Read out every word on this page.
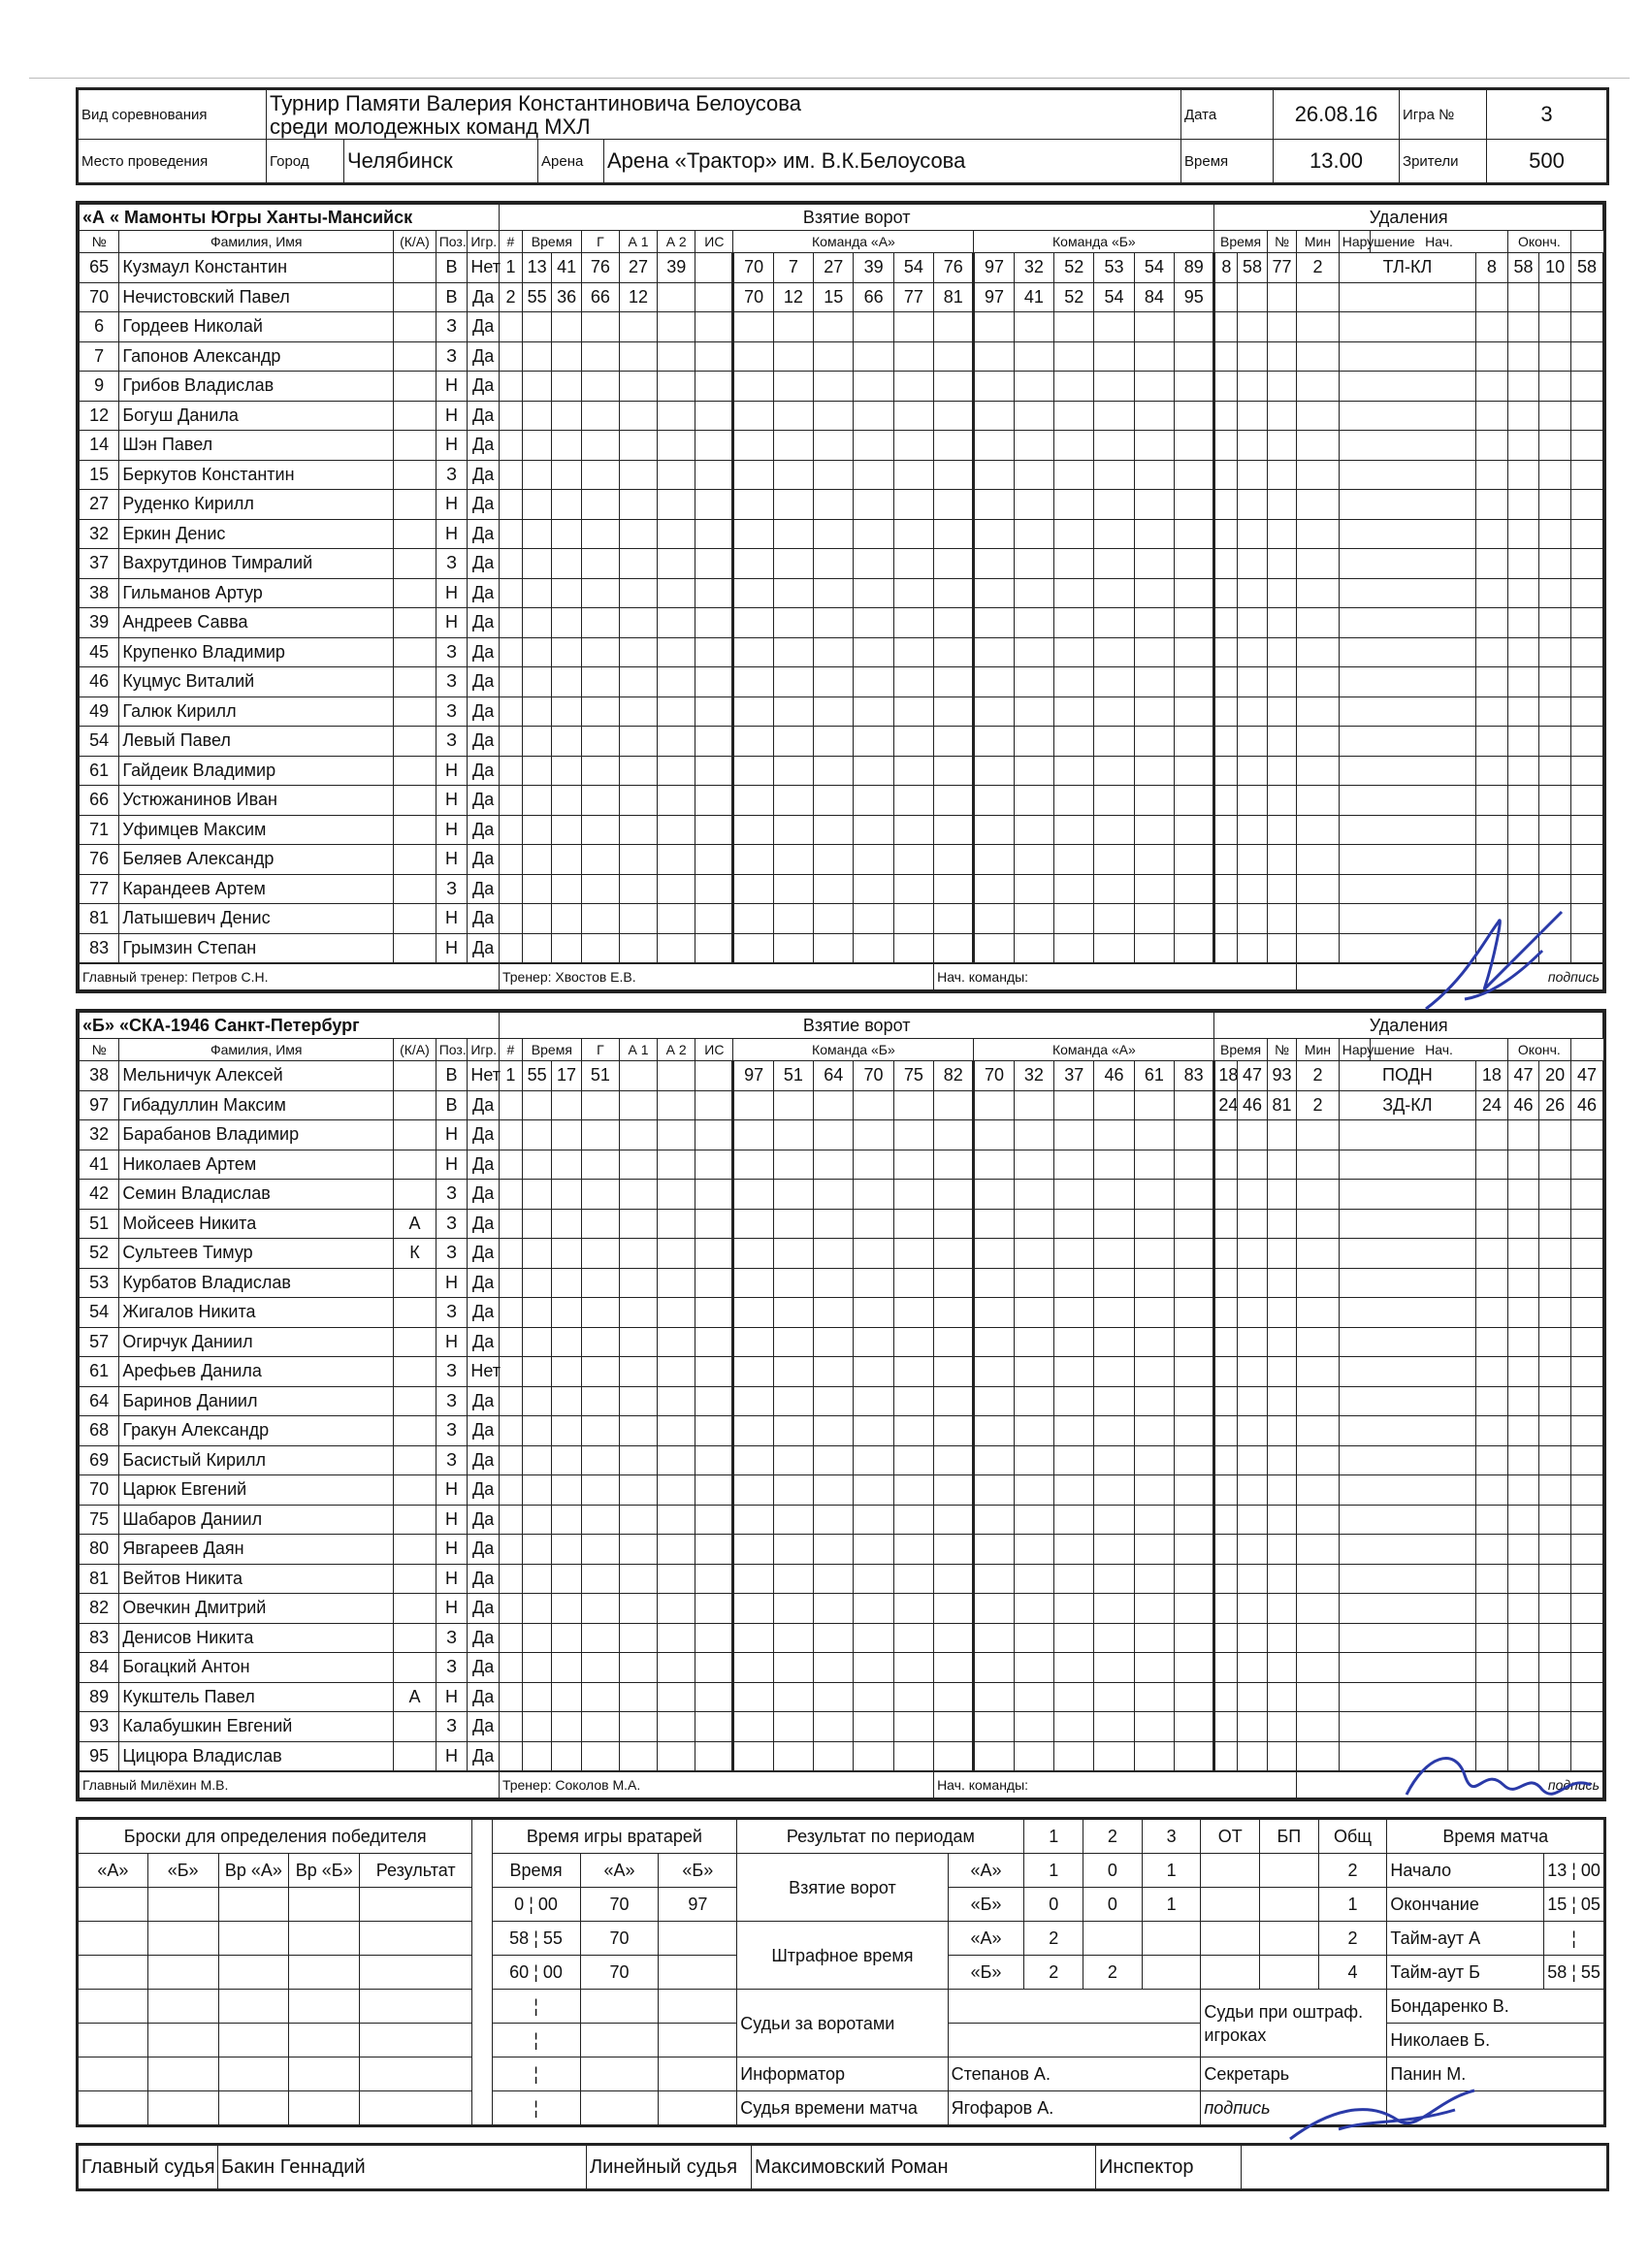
Вид соревнования	Турнир Памяти Валерия Константиновича Белоусова
среди молодежных команд МХЛ				Дата	26.08.16	Игра №	3
Место проведения	Город	Челябинск	Арена	Арена «Трактор» им. В.К.Белоусова	Время	13.00	Зрители	500
«А « Мамонты Югры Ханты-Мансийск					Взятие ворот																			Удаления									
№	Фамилия, Имя	(К/А)	Поз.	Игр.	#	Время		Г	А 1	А 2	ИС	Команда «А»						Команда «Б»						Время		№	Мин	Нарушение	Нач.		Оконч.		
65	Кузмаул Константин		В	Нет	1	13	41	76	27	39		70	7	27	39	54	76	97	32	52	53	54	89	8	58	77	2	ТЛ-КЛ		8	58	10	58
70	Нечистовский Павел		В	Да	2	55	36	66	12			70	12	15	66	77	81	97	41	52	54	84	95										
6	Гордеев Николай		З	Да																													
7	Гапонов Александр		З	Да																													
9	Грибов Владислав		Н	Да																													
12	Богуш Данила		Н	Да																													
14	Шэн Павел		Н	Да																													
15	Беркутов Константин		З	Да																													
27	Руденко Кирилл		Н	Да																													
32	Еркин Денис		Н	Да																													
37	Вахрутдинов Тимралий		З	Да																													
38	Гильманов Артур		Н	Да																													
39	Андреев Савва		Н	Да																													
45	Крупенко Владимир		З	Да																													
46	Куцмус Виталий		З	Да																													
49	Галюк Кирилл		З	Да																													
54	Левый Павел		З	Да																													
61	Гайдеик Владимир		Н	Да																													
66	Устюжанинов Иван		Н	Да																													
71	Уфимцев Максим		Н	Да																													
76	Беляев Александр		Н	Да																													
77	Карандеев Артем		З	Да																													
81	Латышевич Денис		Н	Да																													
83	Грымзин Степан		Н	Да																													
Главный тренер: Петров С.Н.					Тренер: Хвостов Е.В.												Нач. команды:										подпись						
«Б» «СКА-1946 Санкт-Петербург					Взятие ворот																			Удаления									
№	Фамилия, Имя	(К/А)	Поз.	Игр.	#	Время		Г	А 1	А 2	ИС	Команда «Б»						Команда «А»						Время		№	Мин	Нарушение	Нач.		Оконч.		
38	Мельничук Алексей		В	Нет	1	55	17	51				97	51	64	70	75	82	70	32	37	46	61	83	18	47	93	2	ПОДН		18	47	20	47
97	Гибадуллин Максим		В	Да																				24	46	81	2	ЗД-КЛ		24	46	26	46
32	Барабанов Владимир		Н	Да																													
41	Николаев Артем		Н	Да																													
42	Семин Владислав		З	Да																													
51	Мойсеев Никита	А	З	Да																													
52	Сультеев Тимур	К	З	Да																													
53	Курбатов Владислав		Н	Да																													
54	Жигалов Никита		З	Да																													
57	Огирчук Даниил		Н	Да																													
61	Арефьев Данила		З	Нет																													
64	Баринов Даниил		З	Да																													
68	Гракун Александр		З	Да																													
69	Басистый Кирилл		З	Да																													
70	Царюк Евгений		Н	Да																													
75	Шабаров Даниил		Н	Да																													
80	Явгареев Даян		Н	Да																													
81	Вейтов Никита		Н	Да																													
82	Овечкин Дмитрий		Н	Да																													
83	Денисов Никита		З	Да																													
84	Богацкий Антон		З	Да																													
89	Кукштель Павел	А	Н	Да																													
93	Калабушкин Евгений		З	Да																													
95	Цицюра Владислав		Н	Да																													
Главный Милёхин М.В.					Тренер: Соколов М.А.												Нач. команды:										подпись						
Броски для определения победителя						Время игры вратарей			Результат по периодам		1	2	3	ОТ	БП	Общ	Время матча	
«А»	«Б»	Вр «А»	Вр «Б»	Результат		Время	«А»	«Б»	Взятие ворот	«А»	1	0	1			2	Начало	13 ¦ 00
						0 ¦ 00	70	97		«Б»	0	0	1			1	Окончание	15 ¦ 05
						58 ¦ 55	70		Штрафное время	«А»	2					2	Тайм-аут А	¦
						60 ¦ 00	70			«Б»	2	2				4	Тайм-аут Б	58 ¦ 55
						¦			Судьи за воротами					Судьи при оштраф. игроках			Бондаренко В.	
						¦											Николаев Б.	
						¦			Информатор	Степанов А.				Секретарь			Панин М.	
						¦			Судья времени матча	Ягофаров А.				подпись				
Главный судья	Бакин Геннадий	Линейный судья	Максимовский Роман	Инспектор	
